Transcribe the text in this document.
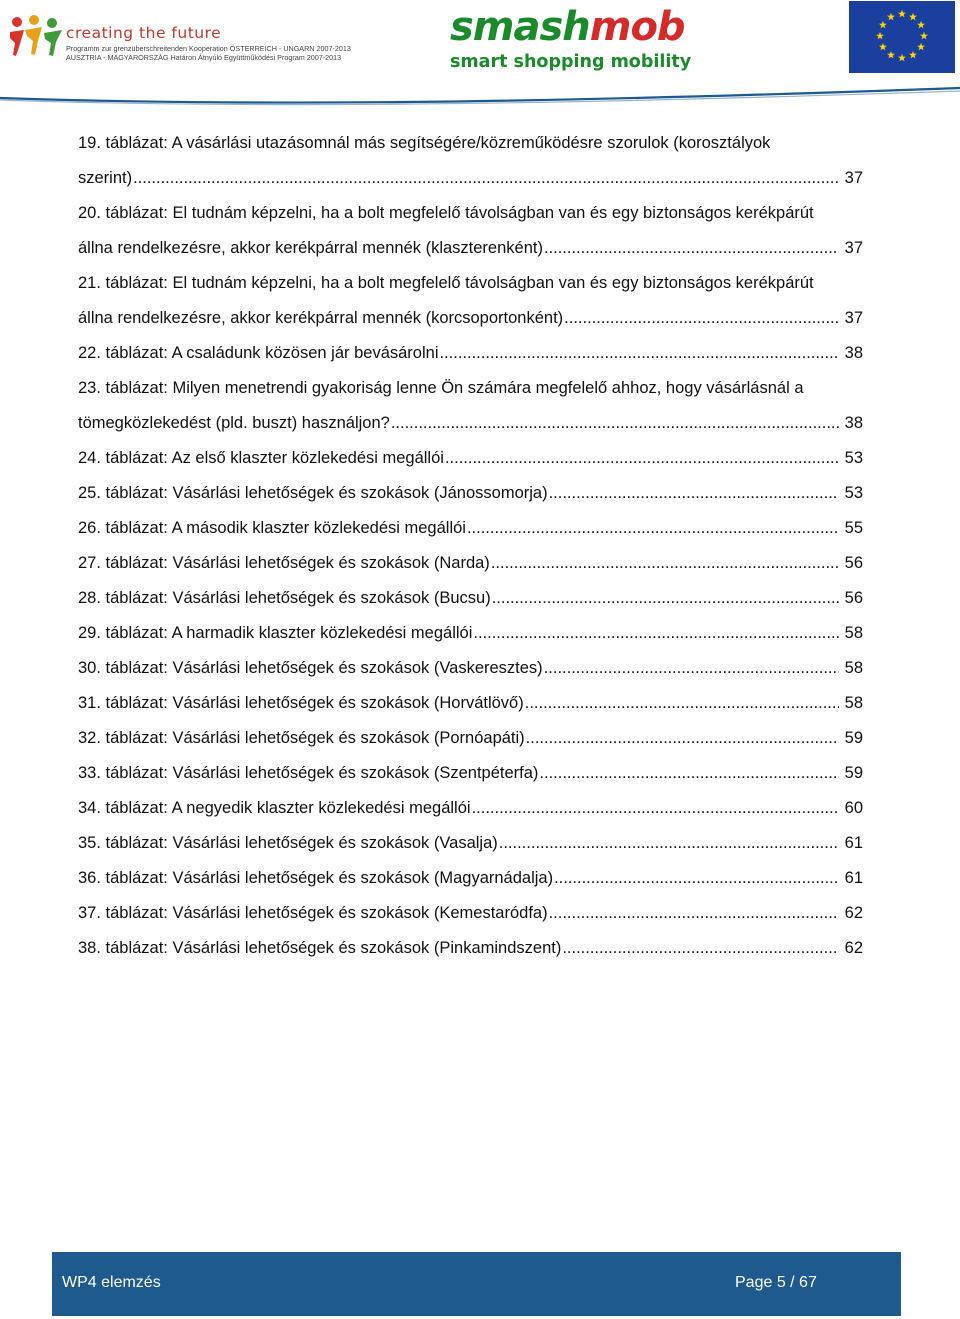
creating the future
Programm zur grenzüberschreitenden Kooperation ÖSTERREICH - UNGARN 2007-2013
AUSZTRIA - MAGYARORSZÁG Határon Átnyúló Együttműködési Program 2007-2013
smashmob
smart shopping mobility
19. táblázat: A vásárlási utazásomnál más segítségére/közreműködésre szorulok (korosztályok
szerint) .....	37
20. táblázat: El tudnám képzelni, ha a bolt megfelelő távolságban van és egy biztonságos kerékpárút
állna rendelkezésre, akkor kerékpárral mennék (klaszterenként) .....	37
21. táblázat: El tudnám képzelni, ha a bolt megfelelő távolságban van és egy biztonságos kerékpárút
állna rendelkezésre, akkor kerékpárral mennék (korcsoportonként) .....	37
22. táblázat: A családunk közösen jár bevásárolni .....	38
23. táblázat: Milyen menetrendi gyakoriság lenne Ön számára megfelelő ahhoz, hogy vásárlásnál a
tömegközlekedést (pld. buszt) használjon? .....	38
24. táblázat: Az első klaszter közlekedési megállói .....	53
25. táblázat: Vásárlási lehetőségek és szokások (Jánossomorja) .....	53
26. táblázat: A második klaszter közlekedési megállói .....	55
27. táblázat: Vásárlási lehetőségek és szokások (Narda) .....	56
28. táblázat: Vásárlási lehetőségek és szokások (Bucsu) .....	56
29. táblázat: A harmadik klaszter közlekedési megállói .....	58
30. táblázat: Vásárlási lehetőségek és szokások (Vaskeresztes) .....	58
31. táblázat: Vásárlási lehetőségek és szokások (Horvátlövő) .....	58
32. táblázat: Vásárlási lehetőségek és szokások (Pornóapáti) .....	59
33. táblázat: Vásárlási lehetőségek és szokások (Szentpéterfa) .....	59
34. táblázat: A negyedik klaszter közlekedési megállói .....	60
35. táblázat: Vásárlási lehetőségek és szokások (Vasalja) .....	61
36. táblázat: Vásárlási lehetőségek és szokások (Magyarnádalja) .....	61
37. táblázat: Vásárlási lehetőségek és szokások (Kemestaródfa) .....	62
38. táblázat: Vásárlási lehetőségek és szokások (Pinkamindszent) .....	62
WP4 elemzés	Page 5 / 67
